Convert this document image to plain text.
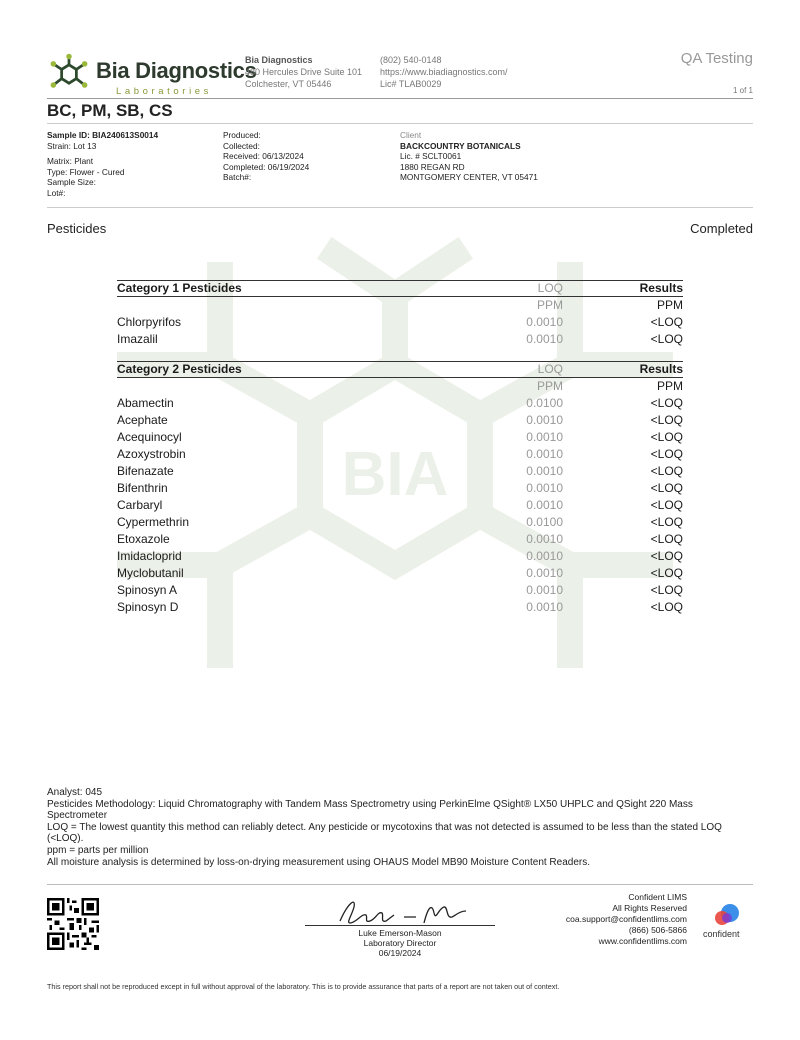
BIA
Bia Diagnostics
Laboratories
Bia Diagnostics
480 Hercules Drive Suite 101
Colchester, VT 05446
(802) 540-0148
https://www.biadiagnostics.com/
Lic# TLAB0029
QA Testing
1 of 1
BC, PM, SB, CS
Sample ID: BIA240613S0014
Strain: Lot 13
Matrix: Plant
Type: Flower - Cured
Sample Size:
Lot#:
Produced:
Collected:
Received: 06/13/2024
Completed: 06/19/2024
Batch#:
Client
BACKCOUNTRY BOTANICALS
Lic. # SCLT0061
1880 REGAN RD
MONTGOMERY CENTER, VT 05471
Pesticides	Completed
Category 1 Pesticides	LOQ	Results
	PPM	PPM
Chlorpyrifos	0.0010	<LOQ
Imazalil	0.0010	<LOQ
Category 2 Pesticides	LOQ	Results
	PPM	PPM
Abamectin	0.0100	<LOQ
Acephate	0.0010	<LOQ
Acequinocyl	0.0010	<LOQ
Azoxystrobin	0.0010	<LOQ
Bifenazate	0.0010	<LOQ
Bifenthrin	0.0010	<LOQ
Carbaryl	0.0010	<LOQ
Cypermethrin	0.0100	<LOQ
Etoxazole	0.0010	<LOQ
Imidacloprid	0.0010	<LOQ
Myclobutanil	0.0010	<LOQ
Spinosyn A	0.0010	<LOQ
Spinosyn D	0.0010	<LOQ
Analyst: 045
Pesticides Methodology: Liquid Chromatography with Tandem Mass Spectrometry using PerkinElme QSight® LX50 UHPLC and QSight 220 Mass Spectrometer
LOQ = The lowest quantity this method can reliably detect. Any pesticide or mycotoxins that was not detected is assumed to be less than the stated LOQ (<LOQ).
ppm = parts per million
All moisture analysis is determined by loss-on-drying measurement using OHAUS Model MB90 Moisture Content Readers.
Luke Emerson-Mason
Laboratory Director
06/19/2024
Confident LIMS
All Rights Reserved
coa.support@confidentlims.com
(866) 506-5866
www.confidentlims.com
confident
This report shall not be reproduced except in full without approval of the laboratory. This is to provide assurance that parts of a report are not taken out of context.
